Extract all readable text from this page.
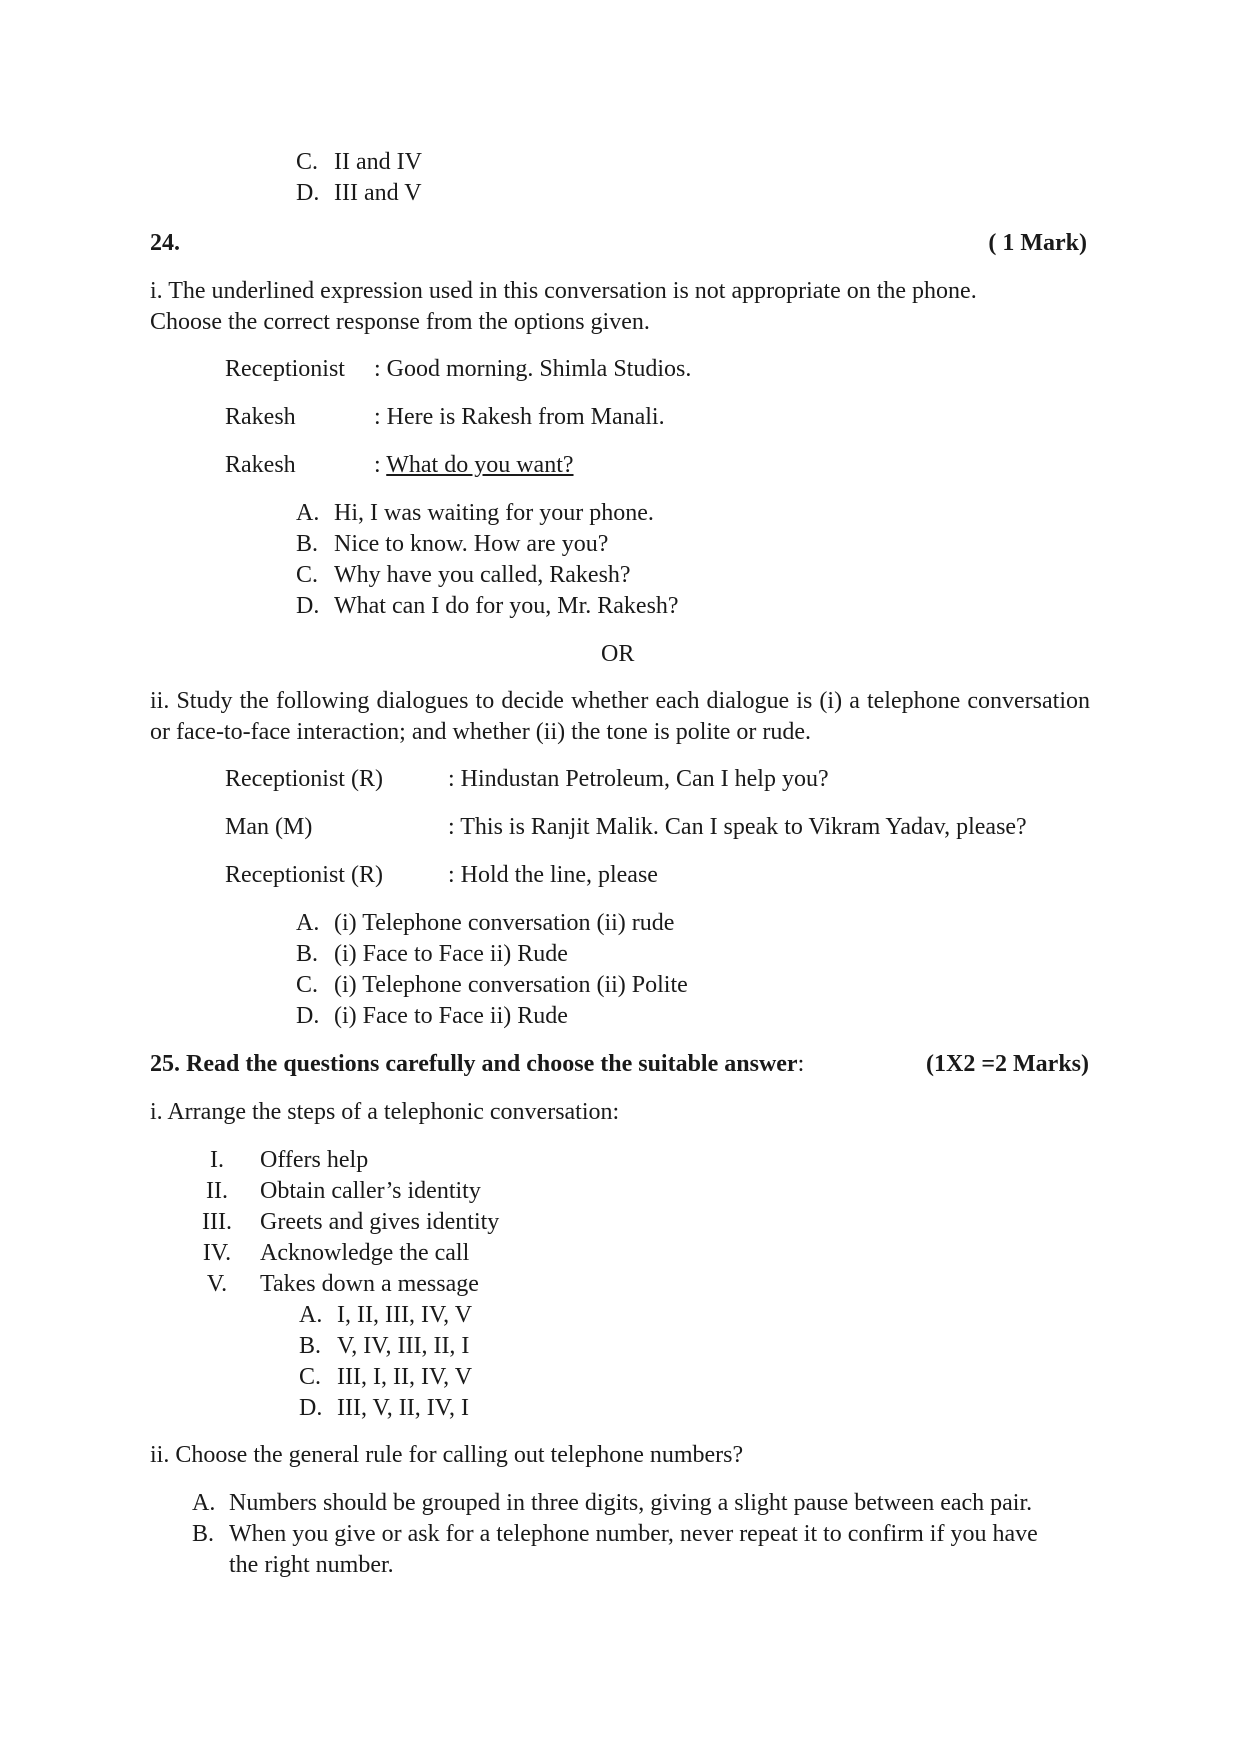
C. II and IV
D. III and V
24.	( 1 Mark)
i. The underlined expression used in this conversation is not appropriate on the phone.
Choose the correct response from the options given.
Receptionist : Good morning. Shimla Studios.
Rakesh	: Here is Rakesh from Manali.
Rakesh	: What do you want?
A. Hi, I was waiting for your phone.
B. Nice to know. How are you?
C. Why have you called, Rakesh?
D. What can I do for you, Mr. Rakesh?
OR
ii. Study the following dialogues to decide whether each dialogue is (i) a telephone conversation or face-to-face interaction; and whether (ii) the tone is polite or rude.
Receptionist (R)	: Hindustan Petroleum, Can I help you?
Man (M)	: This is Ranjit Malik. Can I speak to Vikram Yadav, please?
Receptionist (R)	: Hold the line, please
A. (i) Telephone conversation (ii) rude
B. (i) Face to Face ii) Rude
C. (i) Telephone conversation (ii) Polite
D. (i) Face to Face ii) Rude
25. Read the questions carefully and choose the suitable answer:	(1X2 =2 Marks)
i. Arrange the steps of a telephonic conversation:
I. Offers help
II. Obtain caller’s identity
III. Greets and gives identity
IV. Acknowledge the call
V. Takes down a message
A. I, II, III, IV, V
B. V, IV, III, II, I
C. III, I, II, IV, V
D. III, V, II, IV, I
ii. Choose the general rule for calling out telephone numbers?
A. Numbers should be grouped in three digits, giving a slight pause between each pair.
B. When you give or ask for a telephone number, never repeat it to confirm if you have
the right number.
